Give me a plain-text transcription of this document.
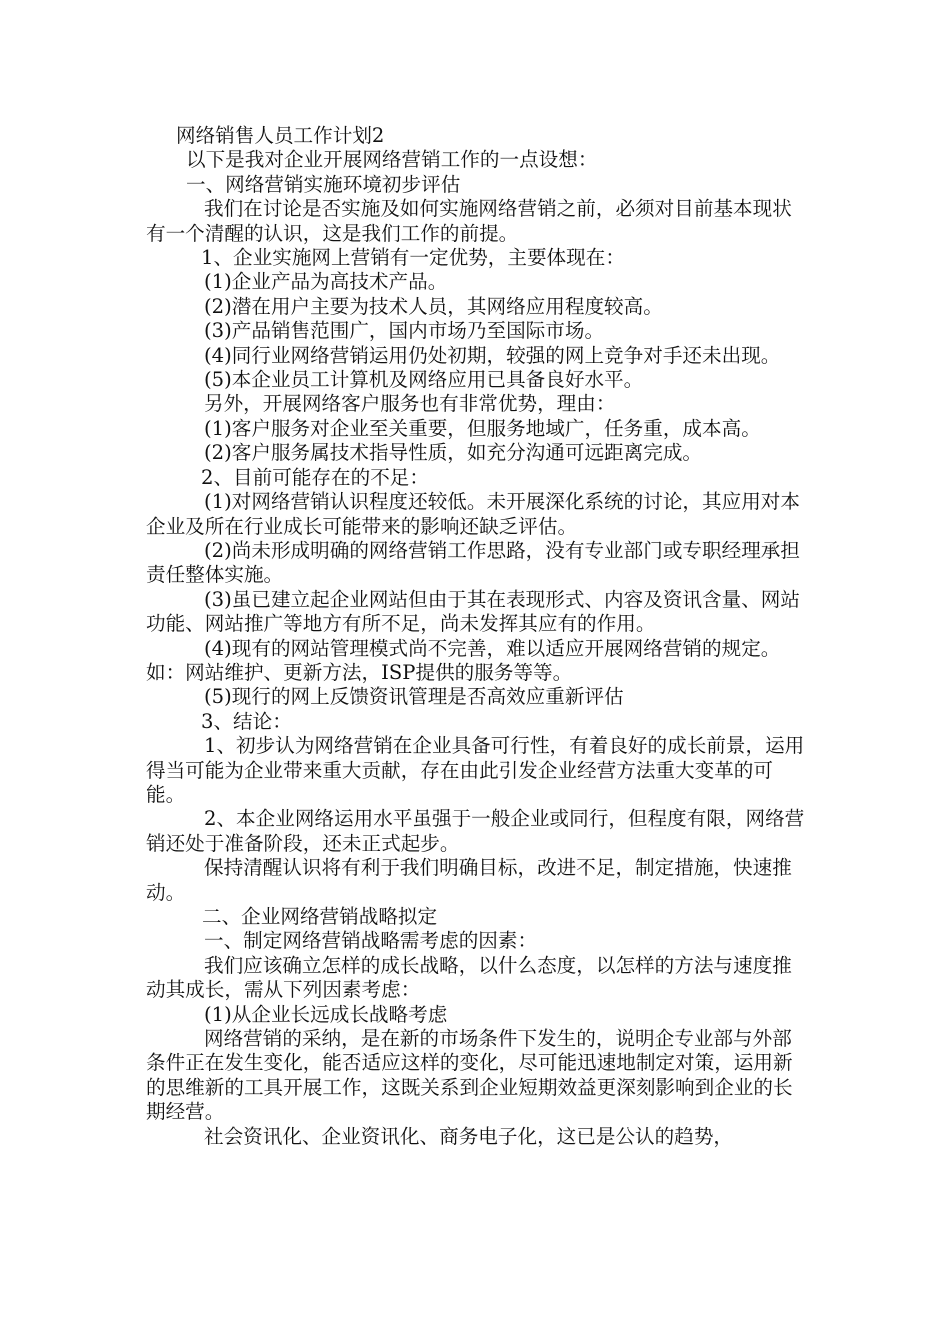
网络销售人员工作计划2

以下是我对企业开展网络营销工作的一点设想：

一、网络营销实施环境初步评估

我们在讨论是否实施及如何实施网络营销之前，必须对目前基本现状有一个清醒的认识，这是我们工作的前提。

1、企业实施网上营销有一定优势，主要体现在：

(1)企业产品为高技术产品。

(2)潜在用户主要为技术人员，其网络应用程度较高。

(3)产品销售范围广，国内市场乃至国际市场。

(4)同行业网络营销运用仍处初期，较强的网上竞争对手还未出现。

(5)本企业员工计算机及网络应用已具备良好水平。

另外，开展网络客户服务也有非常优势，理由：

(1)客户服务对企业至关重要，但服务地域广，任务重，成本高。

(2)客户服务属技术指导性质，如充分沟通可远距离完成。

2、目前可能存在的不足：

(1)对网络营销认识程度还较低。未开展深化系统的讨论，其应用对本企业及所在行业成长可能带来的影响还缺乏评估。

(2)尚未形成明确的网络营销工作思路，没有专业部门或专职经理承担责任整体实施。

(3)虽已建立起企业网站但由于其在表现形式、内容及资讯含量、网站功能、网站推广等地方有所不足，尚未发挥其应有的作用。

(4)现有的网站管理模式尚不完善，难以适应开展网络营销的规定。如：网站维护、更新方法，ISP提供的服务等等。

(5)现行的网上反馈资讯管理是否高效应重新评估

3、结论：

1、初步认为网络营销在企业具备可行性，有着良好的成长前景，运用得当可能为企业带来重大贡献，存在由此引发企业经营方法重大变革的可能。

2、本企业网络运用水平虽强于一般企业或同行，但程度有限，网络营销还处于准备阶段，还未正式起步。

保持清醒认识将有利于我们明确目标，改进不足，制定措施，快速推动。

二、企业网络营销战略拟定

一、制定网络营销战略需考虑的因素：

我们应该确立怎样的成长战略，以什么态度，以怎样的方法与速度推动其成长，需从下列因素考虑：

(1)从企业长远成长战略考虑

网络营销的采纳，是在新的市场条件下发生的，说明企专业部与外部条件正在发生变化，能否适应这样的变化，尽可能迅速地制定对策，运用新的思维新的工具开展工作，这既关系到企业短期效益更深刻影响到企业的长期经营。

社会资讯化、企业资讯化、商务电子化，这已是公认的趋势，
